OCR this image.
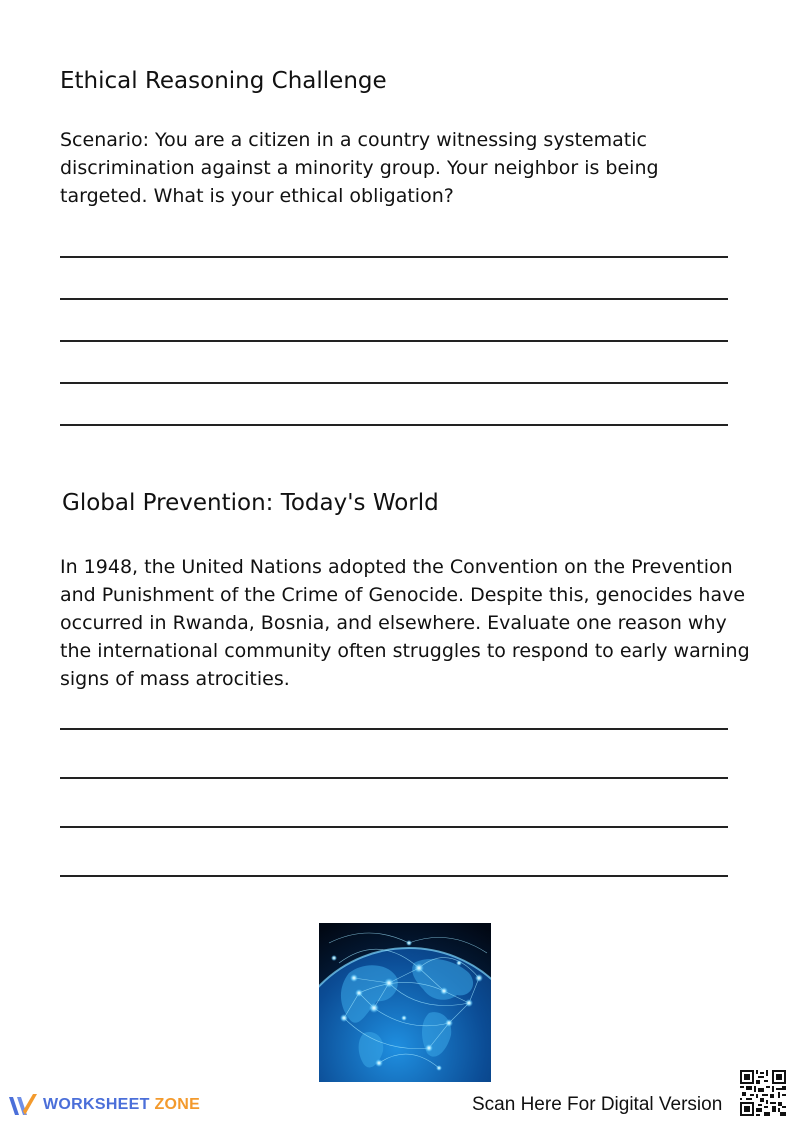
Ethical Reasoning Challenge

Scenario: You are a citizen in a country witnessing systematic discrimination against a minority group. Your neighbor is being targeted. What is your ethical obligation?

Global Prevention: Today's World

In 1948, the United Nations adopted the Convention on the Prevention and Punishment of the Crime of Genocide. Despite this, genocides have occurred in Rwanda, Bosnia, and elsewhere. Evaluate one reason why the international community often struggles to respond to early warning signs of mass atrocities.

WORKSHEET ZONE	Scan Here For Digital Version
